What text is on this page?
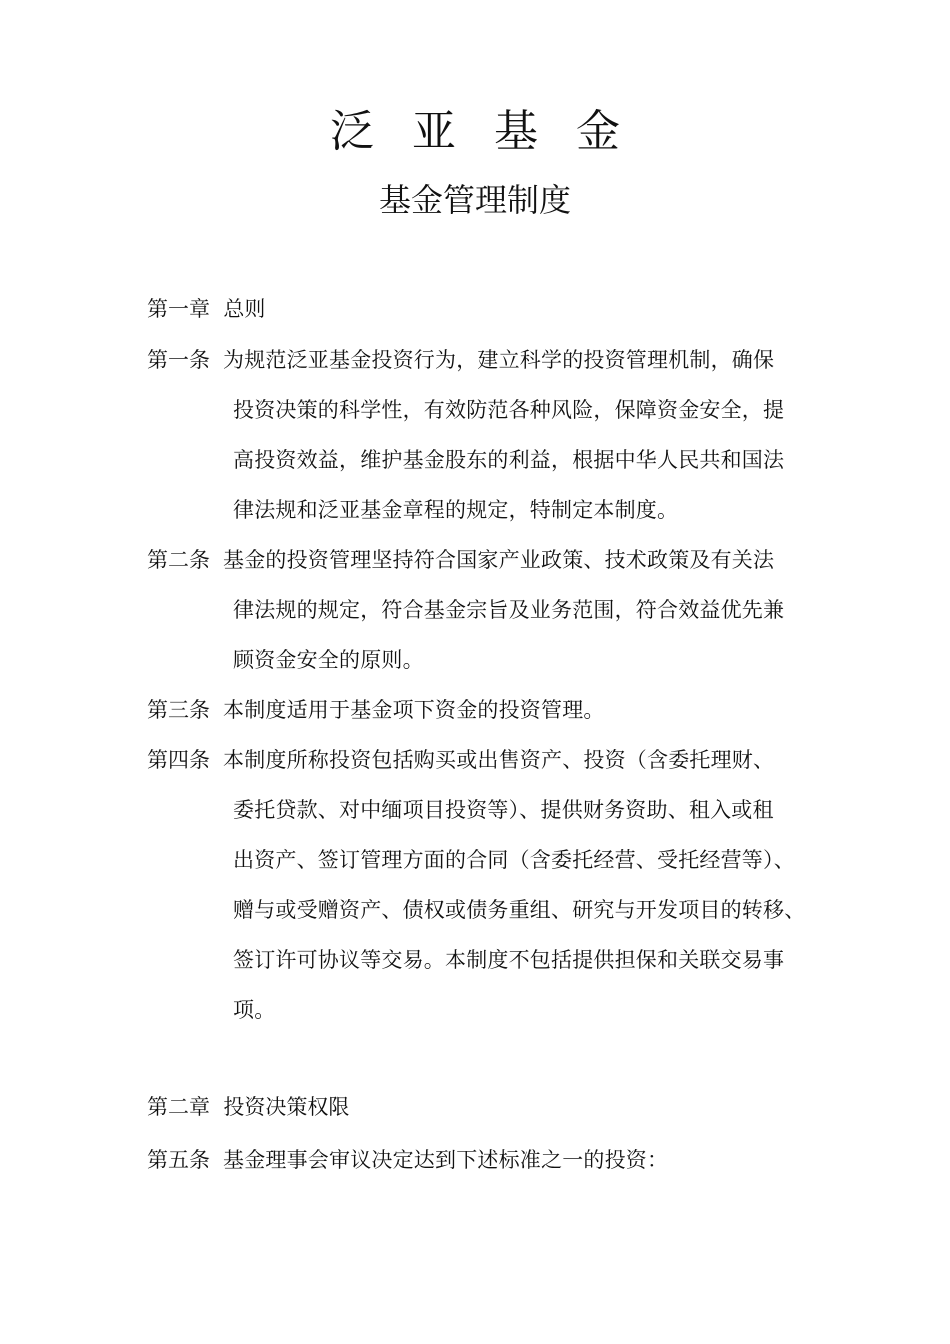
泛亚基金
基金管理制度
第一章 总则
第一条 为规范泛亚基金投资行为，建立科学的投资管理机制，确保
投资决策的科学性，有效防范各种风险，保障资金安全，提
高投资效益，维护基金股东的利益，根据中华人民共和国法
律法规和泛亚基金章程的规定，特制定本制度。
第二条 基金的投资管理坚持符合国家产业政策、技术政策及有关法
律法规的规定，符合基金宗旨及业务范围，符合效益优先兼
顾资金安全的原则。
第三条 本制度适用于基金项下资金的投资管理。
第四条 本制度所称投资包括购买或出售资产、投资（含委托理财、
委托贷款、对中缅项目投资等）、提供财务资助、租入或租
出资产、签订管理方面的合同（含委托经营、受托经营等）、
赠与或受赠资产、债权或债务重组、研究与开发项目的转移、
签订许可协议等交易。本制度不包括提供担保和关联交易事
项。
第二章 投资决策权限
第五条 基金理事会审议决定达到下述标准之一的投资：
